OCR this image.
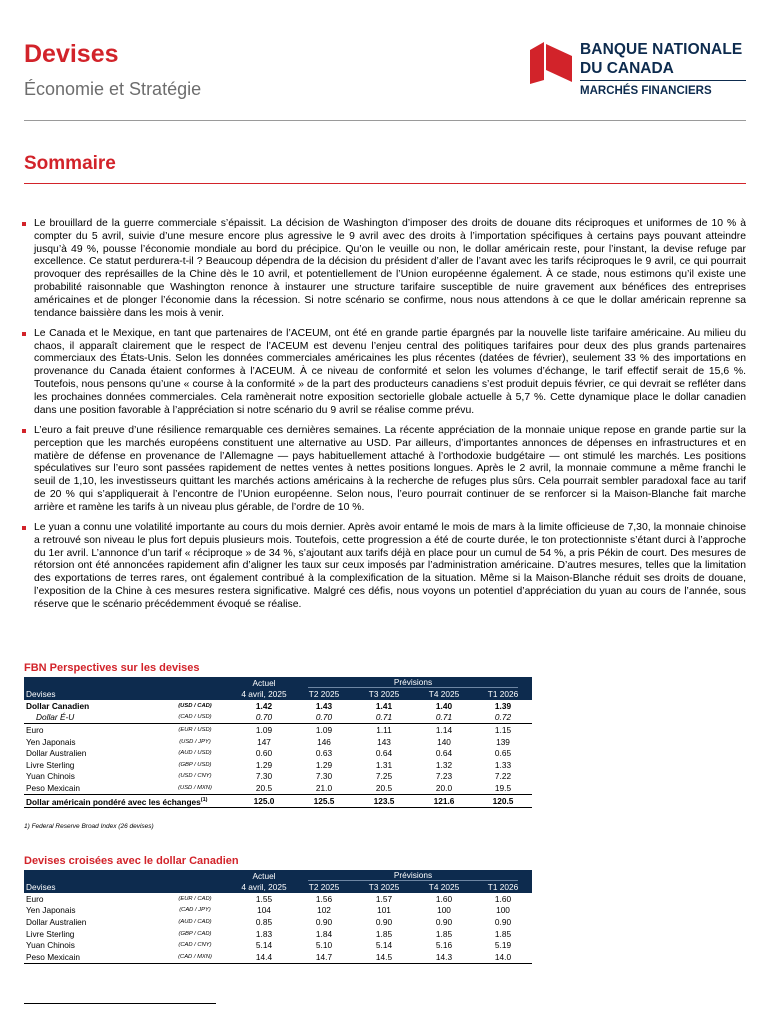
Devises
Économie et Stratégie
BANQUE NATIONALE
DU CANADA
MARCHÉS FINANCIERS
Sommaire
Le brouillard de la guerre commerciale s’épaissit. La décision de Washington d’imposer des droits de douane dits réciproques et uniformes de 10 % à compter du 5 avril, suivie d’une mesure encore plus agressive le 9 avril avec des droits à l’importation spécifiques à certains pays pouvant atteindre jusqu’à 49 %, pousse l’économie mondiale au bord du précipice. Qu’on le veuille ou non, le dollar américain reste, pour l’instant, la devise refuge par excellence. Ce statut perdurera-t-il ? Beaucoup dépendra de la décision du président d’aller de l’avant avec les tarifs réciproques le 9 avril, ce qui pourrait provoquer des représailles de la Chine dès le 10 avril, et potentiellement de l’Union européenne également. À ce stade, nous estimons qu’il existe une probabilité raisonnable que Washington renonce à instaurer une structure tarifaire susceptible de nuire gravement aux bénéfices des entreprises américaines et de plonger l’économie dans la récession. Si notre scénario se confirme, nous nous attendons à ce que le dollar américain reprenne sa tendance baissière dans les mois à venir.
Le Canada et le Mexique, en tant que partenaires de l’ACEUM, ont été en grande partie épargnés par la nouvelle liste tarifaire américaine. Au milieu du chaos, il apparaît clairement que le respect de l’ACEUM est devenu l’enjeu central des politiques tarifaires pour deux des plus grands partenaires commerciaux des États-Unis. Selon les données commerciales américaines les plus récentes (datées de février), seulement 33 % des importations en provenance du Canada étaient conformes à l’ACEUM. À ce niveau de conformité et selon les volumes d’échange, le tarif effectif serait de 15,6 %. Toutefois, nous pensons qu’une « course à la conformité » de la part des producteurs canadiens s’est produit depuis février, ce qui devrait se refléter dans les prochaines données commerciales. Cela ramènerait notre exposition sectorielle globale actuelle à 5,7 %. Cette dynamique place le dollar canadien dans une position favorable à l’appréciation si notre scénario du 9 avril se réalise comme prévu.
L’euro a fait preuve d’une résilience remarquable ces dernières semaines. La récente appréciation de la monnaie unique repose en grande partie sur la perception que les marchés européens constituent une alternative au USD. Par ailleurs, d’importantes annonces de dépenses en infrastructures et en matière de défense en provenance de l’Allemagne — pays habituellement attaché à l’orthodoxie budgétaire — ont stimulé les marchés. Les positions spéculatives sur l’euro sont passées rapidement de nettes ventes à nettes positions longues. Après le 2 avril, la monnaie commune a même franchi le seuil de 1,10, les investisseurs quittant les marchés actions américains à la recherche de refuges plus sûrs. Cela pourrait sembler paradoxal face au tarif de 20 % qui s’appliquerait à l’encontre de l’Union européenne. Selon nous, l’euro pourrait continuer de se renforcer si la Maison-Blanche fait marche arrière et ramène les tarifs à un niveau plus gérable, de l’ordre de 10 %.
Le yuan a connu une volatilité importante au cours du mois dernier. Après avoir entamé le mois de mars à la limite officieuse de 7,30, la monnaie chinoise a retrouvé son niveau le plus fort depuis plusieurs mois. Toutefois, cette progression a été de courte durée, le ton protectionniste s’étant durci à l’approche du 1er avril. L’annonce d’un tarif « réciproque » de 34 %, s’ajoutant aux tarifs déjà en place pour un cumul de 54 %, a pris Pékin de court. Des mesures de rétorsion ont été annoncées rapidement afin d’aligner les taux sur ceux imposés par l’administration américaine. D’autres mesures, telles que la limitation des exportations de terres rares, ont également contribué à la complexification de la situation. Même si la Maison-Blanche réduit ses droits de douane, l’exposition de la Chine à ces mesures restera significative. Malgré ces défis, nous voyons un potentiel d’appréciation du yuan au cours de l’année, sous réserve que le scénario précédemment évoqué se réalise.
FBN Perspectives sur les devises
		Actuel	Prévisions			
Devises		4 avril, 2025	T2 2025	T3 2025	T4 2025	T1 2026
Dollar Canadien	(USD / CAD)	1.42	1.43	1.41	1.40	1.39
Dollar É-U	(CAD / USD)	0.70	0.70	0.71	0.71	0.72
Euro	(EUR / USD)	1.09	1.09	1.11	1.14	1.15
Yen Japonais	(USD / JPY)	147	146	143	140	139
Dollar Australien	(AUD / USD)	0.60	0.63	0.64	0.64	0.65
Livre Sterling	(GBP / USD)	1.29	1.29	1.31	1.32	1.33
Yuan Chinois	(USD / CNY)	7.30	7.30	7.25	7.23	7.22
Peso Mexicain	(USD / MXN)	20.5	21.0	20.5	20.0	19.5
Dollar américain pondéré avec les échanges$^{(1)}$		125.0	125.5	123.5	121.6	120.5
1) Federal Reserve Broad Index (26 devises)
Devises croisées avec le dollar Canadien
		Actuel	Prévisions			
Devises		4 avril, 2025	T2 2025	T3 2025	T4 2025	T1 2026
Euro	(EUR / CAD)	1.55	1.56	1.57	1.60	1.60
Yen Japonais	(CAD / JPY)	104	102	101	100	100
Dollar Australien	(AUD / CAD)	0.85	0.90	0.90	0.90	0.90
Livre Sterling	(GBP / CAD)	1.83	1.84	1.85	1.85	1.85
Yuan Chinois	(CAD / CNY)	5.14	5.10	5.14	5.16	5.19
Peso Mexicain	(CAD / MXN)	14.4	14.7	14.5	14.3	14.0
